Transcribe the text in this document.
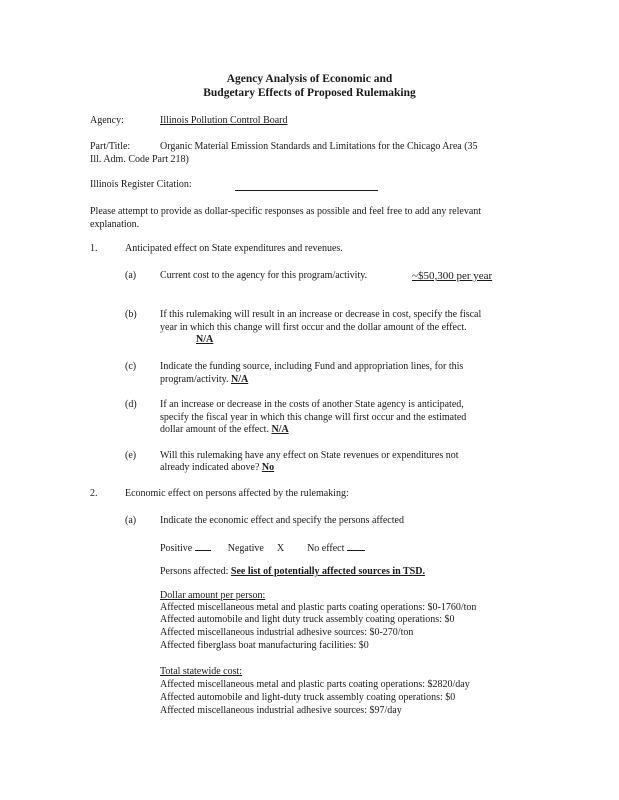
Agency Analysis of Economic and
Budgetary Effects of Proposed Rulemaking
Agency:	Illinois Pollution Control Board
Part/Title:	Organic Material Emission Standards and Limitations for the Chicago Area (35
Ill. Adm. Code Part 218)
Illinois Register Citation:
Please attempt to provide as dollar-specific responses as possible and feel free to add any relevant
explanation.
1.	Anticipated effect on State expenditures and revenues.
(a) Current cost to the agency for this program/activity.	~$50,300 per year
(b) If this rulemaking will result in an increase or decrease in cost, specify the fiscal
year in which this change will first occur and the dollar amount of the effect.
N/A
(c) Indicate the funding source, including Fund and appropriation lines, for this
program/activity. N/A
(d) If an increase or decrease in the costs of another State agency is anticipated,
specify the fiscal year in which this change will first occur and the estimated
dollar amount of the effect. N/A
(e) Will this rulemaking have any effect on State revenues or expenditures not
already indicated above? No
2.	Economic effect on persons affected by the rulemaking:
(a) Indicate the economic effect and specify the persons affected
Positive	Negative X No effect
Persons affected: See list of potentially affected sources in TSD.
Dollar amount per person:
Affected miscellaneous metal and plastic parts coating operations: $0-1760/ton
Affected automobile and light duty truck assembly coating operations: $0
Affected miscellaneous industrial adhesive sources: $0-270/ton
Affected fiberglass boat manufacturing facilities: $0
Total statewide cost:
Affected miscellaneous metal and plastic parts coating operations: $2820/day
Affected automobile and light-duty truck assembly coating operations: $0
Affected miscellaneous industrial adhesive sources: $97/day
